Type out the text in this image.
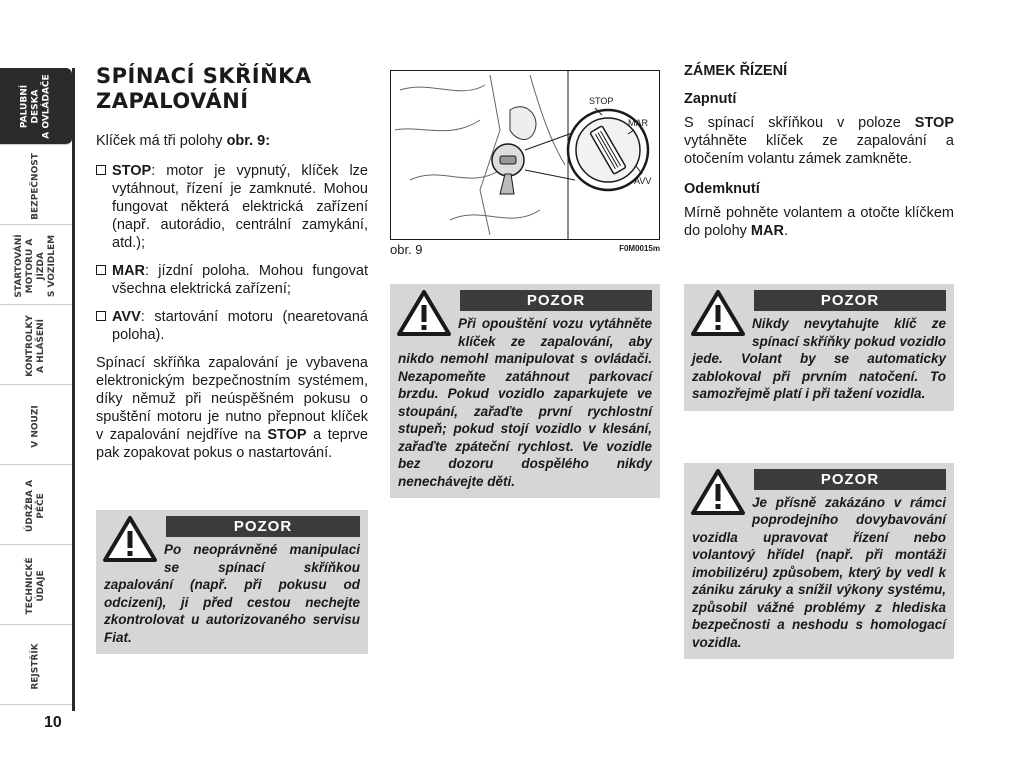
PALUBNÍ DESKA
A OVLÁDAČE
BEZPEČNOST
STARTOVÁNÍ
MOTORU A JÍZDA
S VOZIDLEM
KONTROLKY
A HLÁŠENÍ
V NOUZI
ÚDRŽBA A PÉČE
TECHNICKÉ
ÚDAJE
REJSTŘÍK
10
SPÍNACÍ SKŘÍŇKA ZAPALOVÁNÍ

Klíček má tři polohy obr. 9:

STOP: motor je vypnutý, klíček lze vytáhnout, řízení je zamknuté. Mohou fungovat některá elektrická zařízení (např. autorádio, centrální zamykání, atd.);
MAR: jízdní poloha. Mohou fungovat všechna elektrická zařízení;
AVV: startování motoru (nearetovaná poloha).

Spínací skříňka zapalování je vybavena elektronickým bezpečnostním systémem, díky němuž při neúspěšném pokusu o spuštění motoru je nutno přepnout klíček v zapalování nejdříve na STOP a teprve pak zopakovat pokus o nastartování.

POZOR
Po neoprávněné manipulaci se spínací skříňkou zapalování (např. při pokusu od odcizení), ji před cestou nechejte zkontrolovat u autorizovaného servisu Fiat.
STOP
MAR
AVV
obr. 9	F0M0015m
POZOR
Při opouštění vozu vytáhněte klíček ze zapalování, aby nikdo nemohl manipulovat s ovládači. Nezapomeňte zatáhnout parkovací brzdu. Pokud vozidlo zaparkujete ve stoupání, zařaďte první rychlostní stupeň; pokud stojí vozidlo v klesání, zařaďte zpáteční rychlost. Ve vozidle bez dozoru dospělého nikdy nenechávejte děti.
ZÁMEK ŘÍZENÍ
Zapnutí

S spínací skříňkou v poloze STOP vytáhněte klíček ze zapalování a otočením volantu zámek zamkněte.

Odemknutí

Mírně pohněte volantem a otočte klíčkem do polohy MAR.

POZOR
Nikdy nevytahujte klíč ze spínací skříňky pokud vozidlo jede. Volant by se automaticky zablokoval při prvním natočení. To samozřejmě platí i při tažení vozidla.
POZOR
Je přísně zakázáno v rámci poprodejního dovybavování vozidla upravovat řízení nebo volantový hřídel (např. při montáži imobilizéru) způsobem, který by vedl k zániku záruky a snížil výkony systému, způsobil vážné problémy z hlediska bezpečnosti a neshodu s homologací vozidla.
